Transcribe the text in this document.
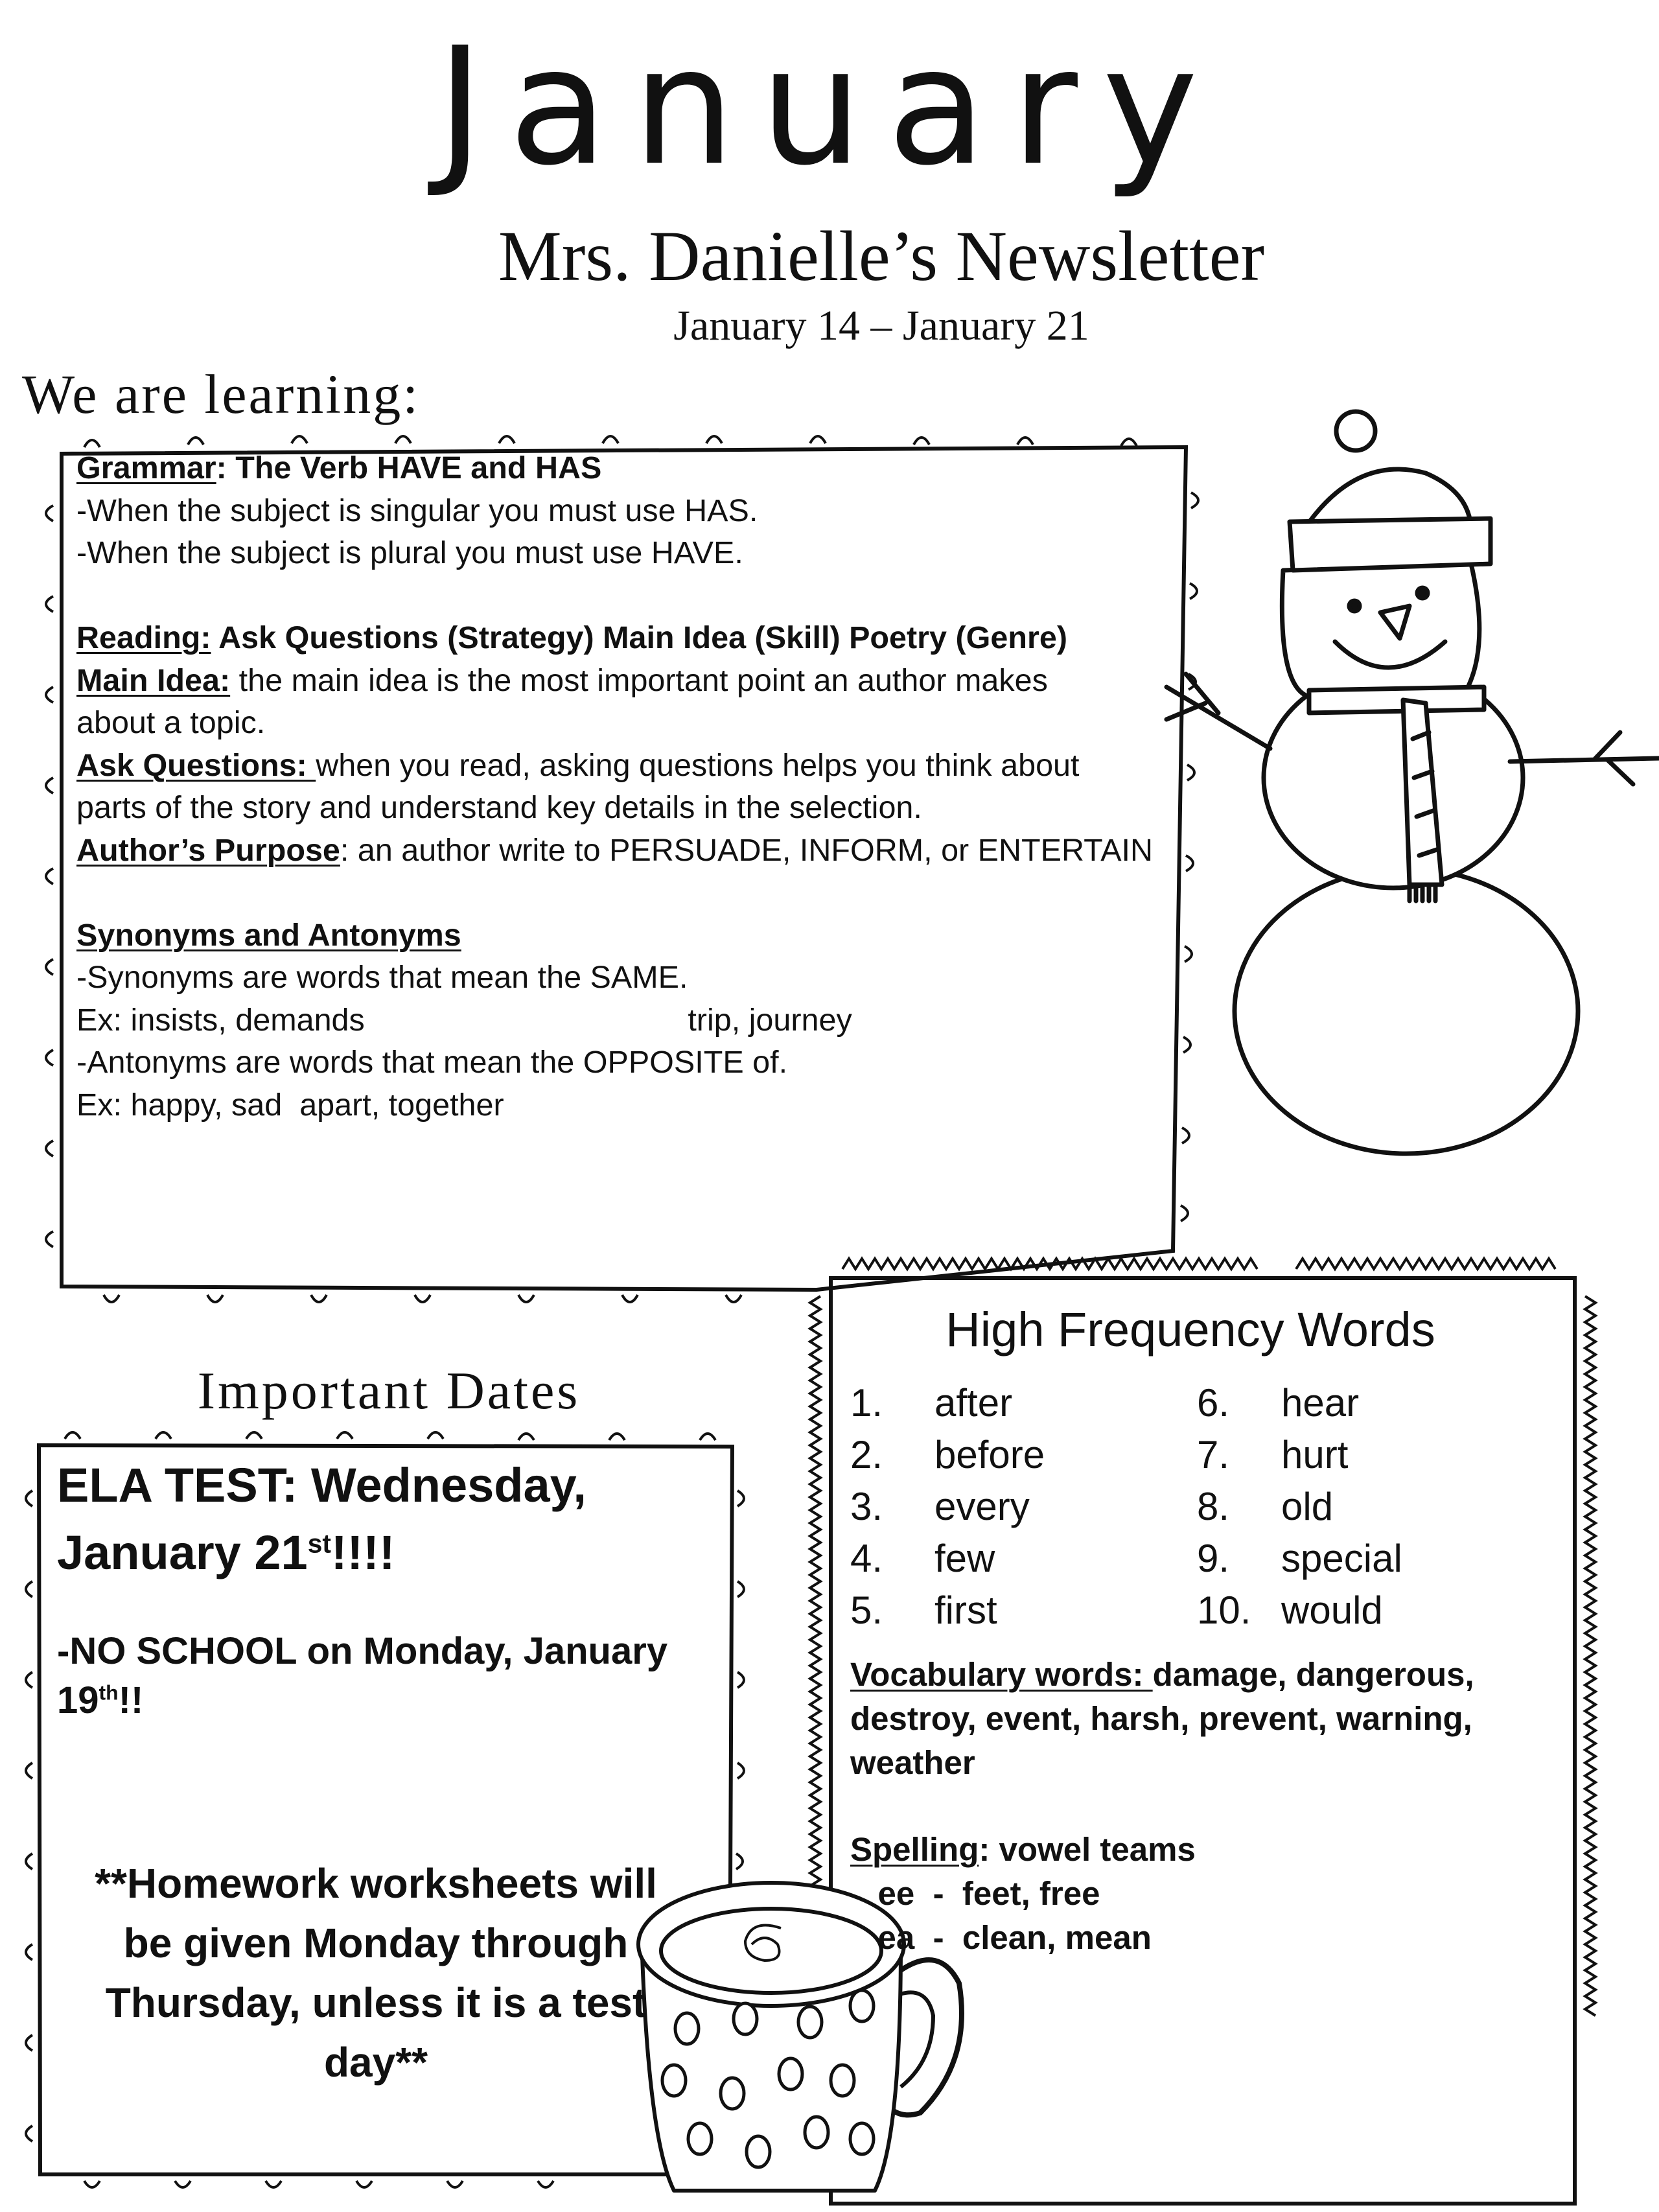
January
Mrs. Danielle’s Newsletter
January 14 – January 21
We are learning:

Grammar: The Verb HAVE and HAS

-When the subject is singular you must use HAS.

-When the subject is plural you must use HAVE.

Reading: Ask Questions (Strategy) Main Idea (Skill) Poetry (Genre)

Main Idea: the main idea is the most important point an author makes

about a topic.

Ask Questions: when you read, asking questions helps you think about

parts of the story and understand key details in the selection.

Author’s Purpose: an author write to PERSUADE, INFORM, or ENTERTAIN

Synonyms and Antonyms

-Synonyms are words that mean the SAME.

Ex: insists, demands                                     trip, journey

-Antonyms are words that mean the OPPOSITE of.

Ex: happy, sad  apart, together

Important Dates
ELA TEST: Wednesday,
January 21st!!!!
-NO SCHOOL on Monday, January
19th!!
**Homework worksheets will be given Monday through Thursday, unless it is a test day**
High Frequency Words
1.	after	6.	hear
2.	before	7.	hurt
3.	every	8.	old
4.	few	9.	special
5.	first	10. would

Vocabulary words: damage, dangerous,

destroy, event, harsh, prevent, warning,

weather

Spelling: vowel teams

ee  -  feet, free

ea  -  clean, mean
